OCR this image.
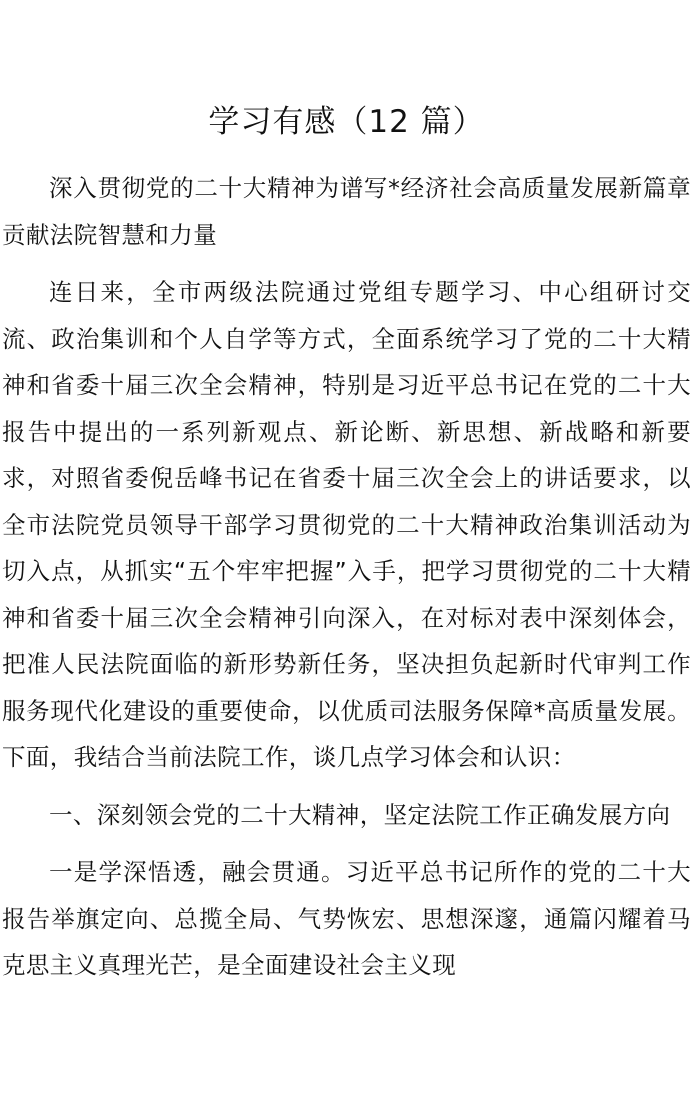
学习有感（12 篇）

深入贯彻党的二十大精神为谱写*经济社会高质量发展新篇章贡献法院智慧和力量

连日来，全市两级法院通过党组专题学习、中心组研讨交流、政治集训和个人自学等方式，全面系统学习了党的二十大精神和省委十届三次全会精神，特别是习近平总书记在党的二十大报告中提出的一系列新观点、新论断、新思想、新战略和新要求，对照省委倪岳峰书记在省委十届三次全会上的讲话要求，以全市法院党员领导干部学习贯彻党的二十大精神政治集训活动为切入点，从抓实“五个牢牢把握”入手，把学习贯彻党的二十大精神和省委十届三次全会精神引向深入，在对标对表中深刻体会，把准人民法院面临的新形势新任务，坚决担负起新时代审判工作服务现代化建设的重要使命，以优质司法服务保障*高质量发展。下面，我结合当前法院工作，谈几点学习体会和认识：

一、深刻领会党的二十大精神，坚定法院工作正确发展方向

一是学深悟透，融会贯通。习近平总书记所作的党的二十大报告举旗定向、总揽全局、气势恢宏、思想深邃，通篇闪耀着马克思主义真理光芒，是全面建设社会主义现
